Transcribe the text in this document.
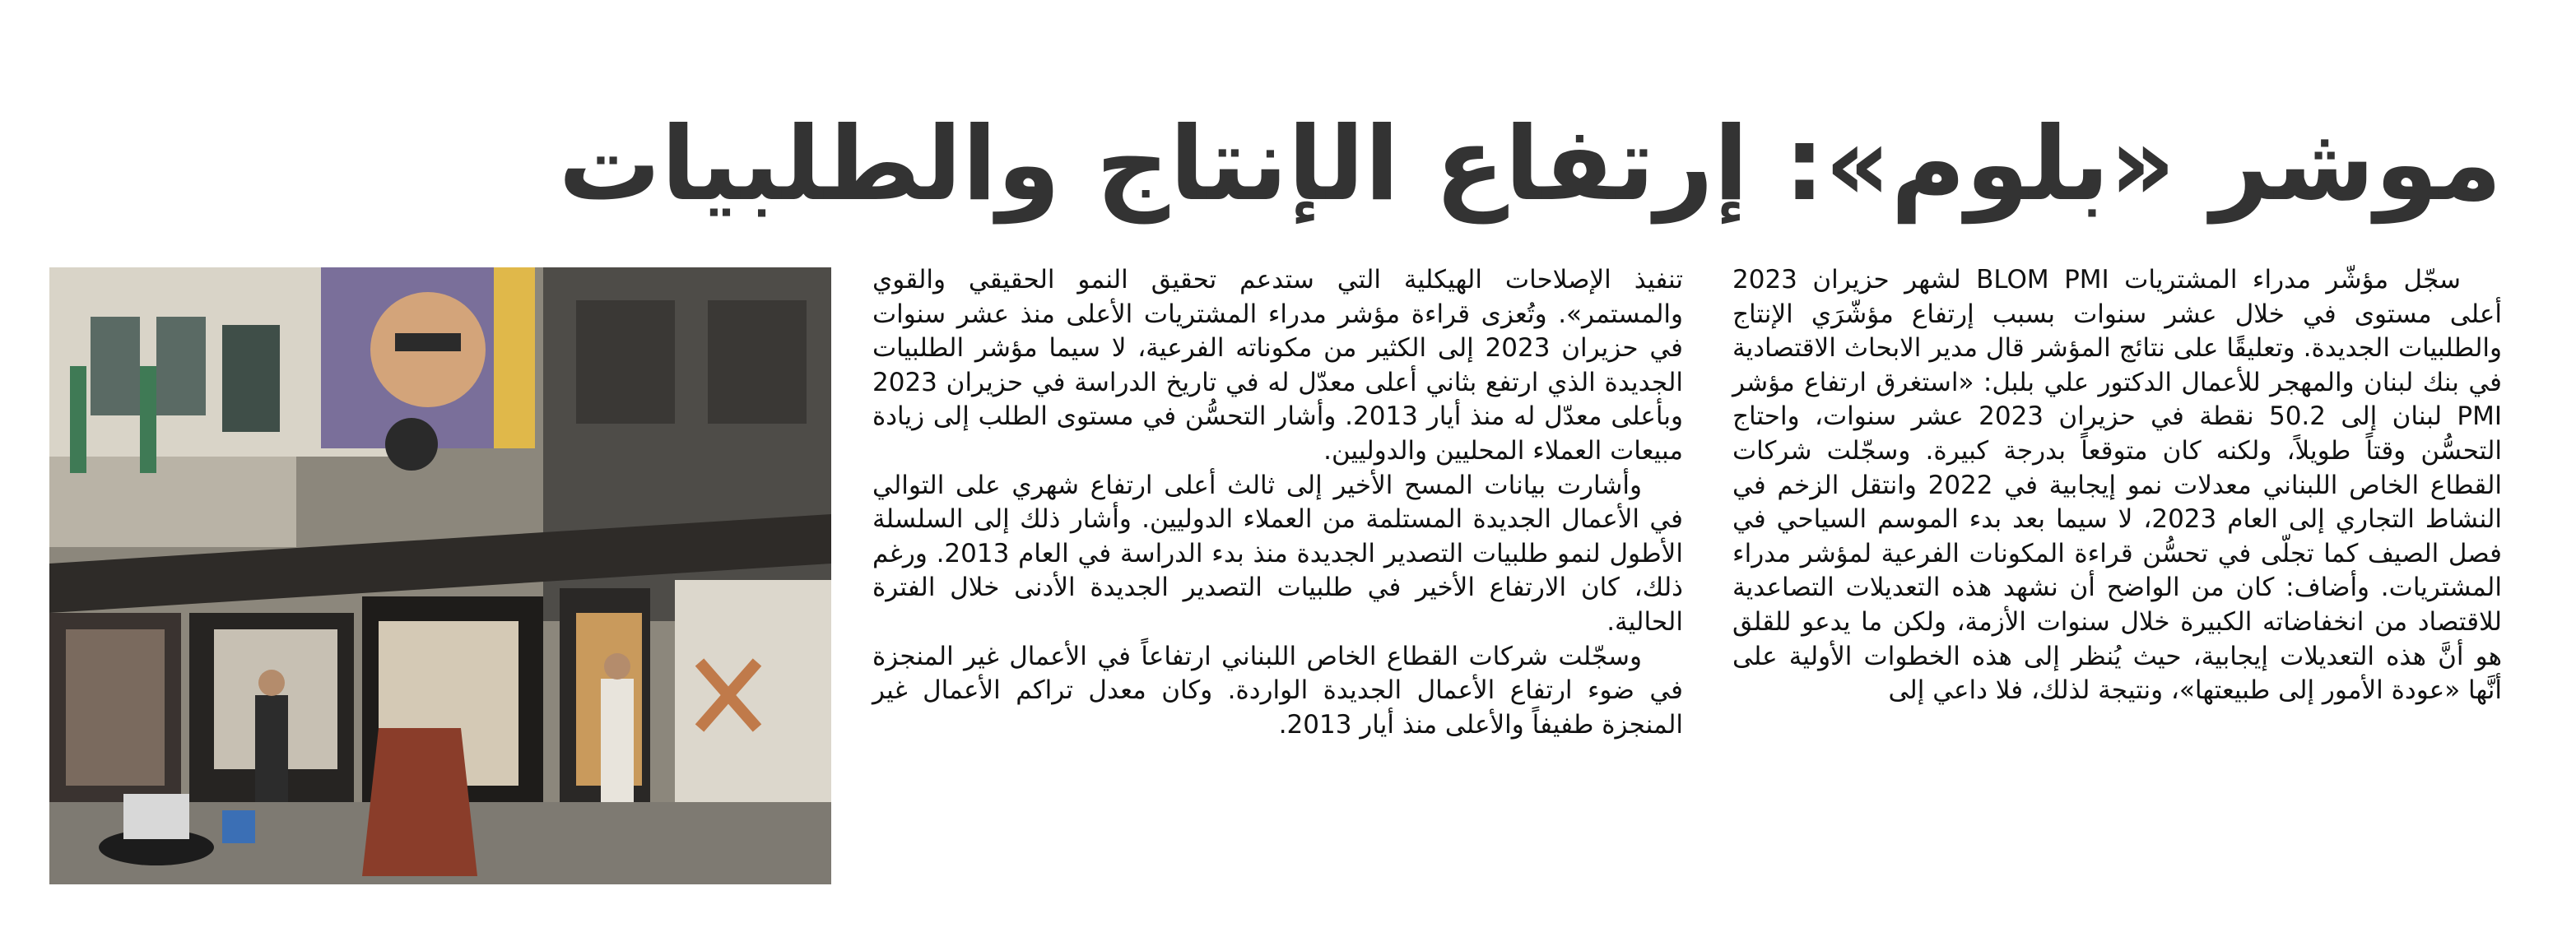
موشر «بلوم»: إرتفاع الإنتاج والطلبيات

سجّل مؤشّر مدراء المشتريات BLOM PMI لشهر حزيران 2023 أعلى مستوى في خلال عشر سنوات بسبب إرتفاع مؤشّرَي الإنتاج والطلبيات الجديدة. وتعليقًا على نتائج المؤشر قال مدير الابحاث الاقتصادية في بنك لبنان والمهجر للأعمال الدكتور علي بلبل: «استغرق ارتفاع مؤشر PMI لبنان إلى 50.2 نقطة في حزيران 2023 عشر سنوات، واحتاج التحسُّن وقتاً طويلاً، ولكنه كان متوقعاً بدرجة كبيرة. وسجّلت شركات القطاع الخاص اللبناني معدلات نمو إيجابية في 2022 وانتقل الزخم في النشاط التجاري إلى العام 2023، لا سيما بعد بدء الموسم السياحي في فصل الصيف كما تجلّى في تحسُّن قراءة المكونات الفرعية لمؤشر مدراء المشتريات. وأضاف: كان من الواضح أن نشهد هذه التعديلات التصاعدية للاقتصاد من انخفاضاته الكبيرة خلال سنوات الأزمة، ولكن ما يدعو للقلق هو أنَّ هذه التعديلات إيجابية، حيث يُنظر إلى هذه الخطوات الأولية على أنَّها «عودة الأمور إلى طبيعتها»، ونتيجة لذلك، فلا داعي إلى

تنفيذ الإصلاحات الهيكلية التي ستدعم تحقيق النمو الحقيقي والقوي والمستمر». وتُعزى قراءة مؤشر مدراء المشتريات الأعلى منذ عشر سنوات في حزيران 2023 إلى الكثير من مكوناته الفرعية، لا سيما مؤشر الطلبيات الجديدة الذي ارتفع بثاني أعلى معدّل له في تاريخ الدراسة في حزيران 2023 وبأعلى معدّل له منذ أيار 2013. وأشار التحسُّن في مستوى الطلب إلى زيادة مبيعات العملاء المحليين والدوليين.

وأشارت بيانات المسح الأخير إلى ثالث أعلى ارتفاع شهري على التوالي في الأعمال الجديدة المستلمة من العملاء الدوليين. وأشار ذلك إلى السلسلة الأطول لنمو طلبيات التصدير الجديدة منذ بدء الدراسة في العام 2013. ورغم ذلك، كان الارتفاع الأخير في طلبيات التصدير الجديدة الأدنى خلال الفترة الحالية.

وسجّلت شركات القطاع الخاص اللبناني ارتفاعاً في الأعمال غير المنجزة في ضوء ارتفاع الأعمال الجديدة الواردة. وكان معدل تراكم الأعمال غير المنجزة طفيفاً والأعلى منذ أيار 2013.
